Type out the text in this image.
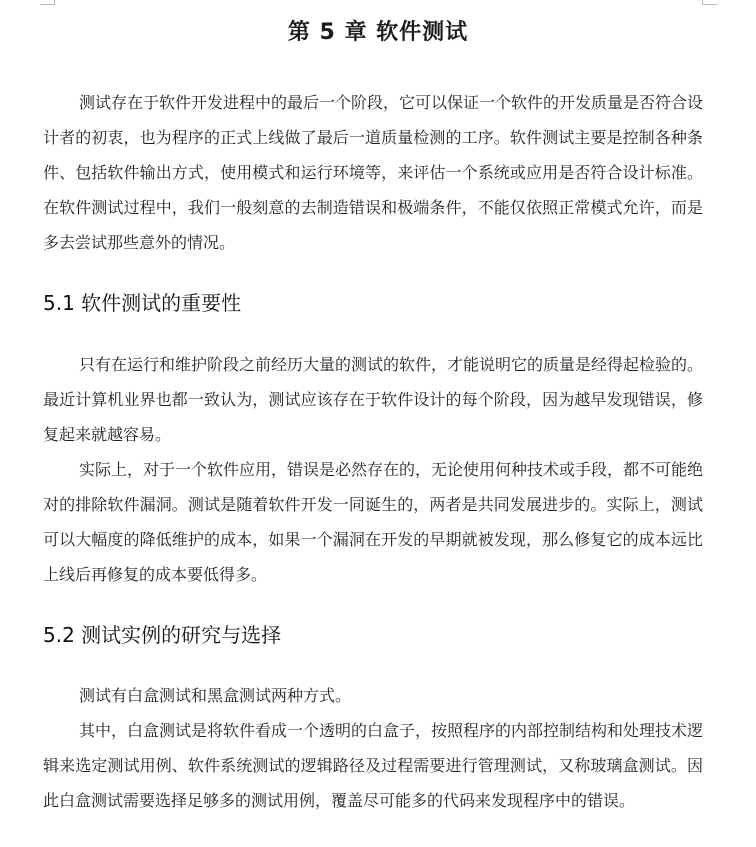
第 5 章 软件测试

测试存在于软件开发进程中的最后一个阶段，它可以保证一个软件的开发质量是否符合设计者的初衷，也为程序的正式上线做了最后一道质量检测的工序。软件测试主要是控制各种条件、包括软件输出方式，使用模式和运行环境等，来评估一个系统或应用是否符合设计标准。在软件测试过程中，我们一般刻意的去制造错误和极端条件，不能仅依照正常模式允许，而是多去尝试那些意外的情况。

5.1 软件测试的重要性

只有在运行和维护阶段之前经历大量的测试的软件，才能说明它的质量是经得起检验的。最近计算机业界也都一致认为，测试应该存在于软件设计的每个阶段，因为越早发现错误，修复起来就越容易。

实际上，对于一个软件应用，错误是必然存在的，无论使用何种技术或手段，都不可能绝对的排除软件漏洞。测试是随着软件开发一同诞生的，两者是共同发展进步的。实际上，测试可以大幅度的降低维护的成本，如果一个漏洞在开发的早期就被发现，那么修复它的成本远比上线后再修复的成本要低得多。

5.2 测试实例的研究与选择

测试有白盒测试和黑盒测试两种方式。

其中，白盒测试是将软件看成一个透明的白盒子，按照程序的内部控制结构和处理技术逻辑来选定测试用例、软件系统测试的逻辑路径及过程需要进行管理测试，又称玻璃盒测试。因此白盒测试需要选择足够多的测试用例，覆盖尽可能多的代码来发现程序中的错误。
